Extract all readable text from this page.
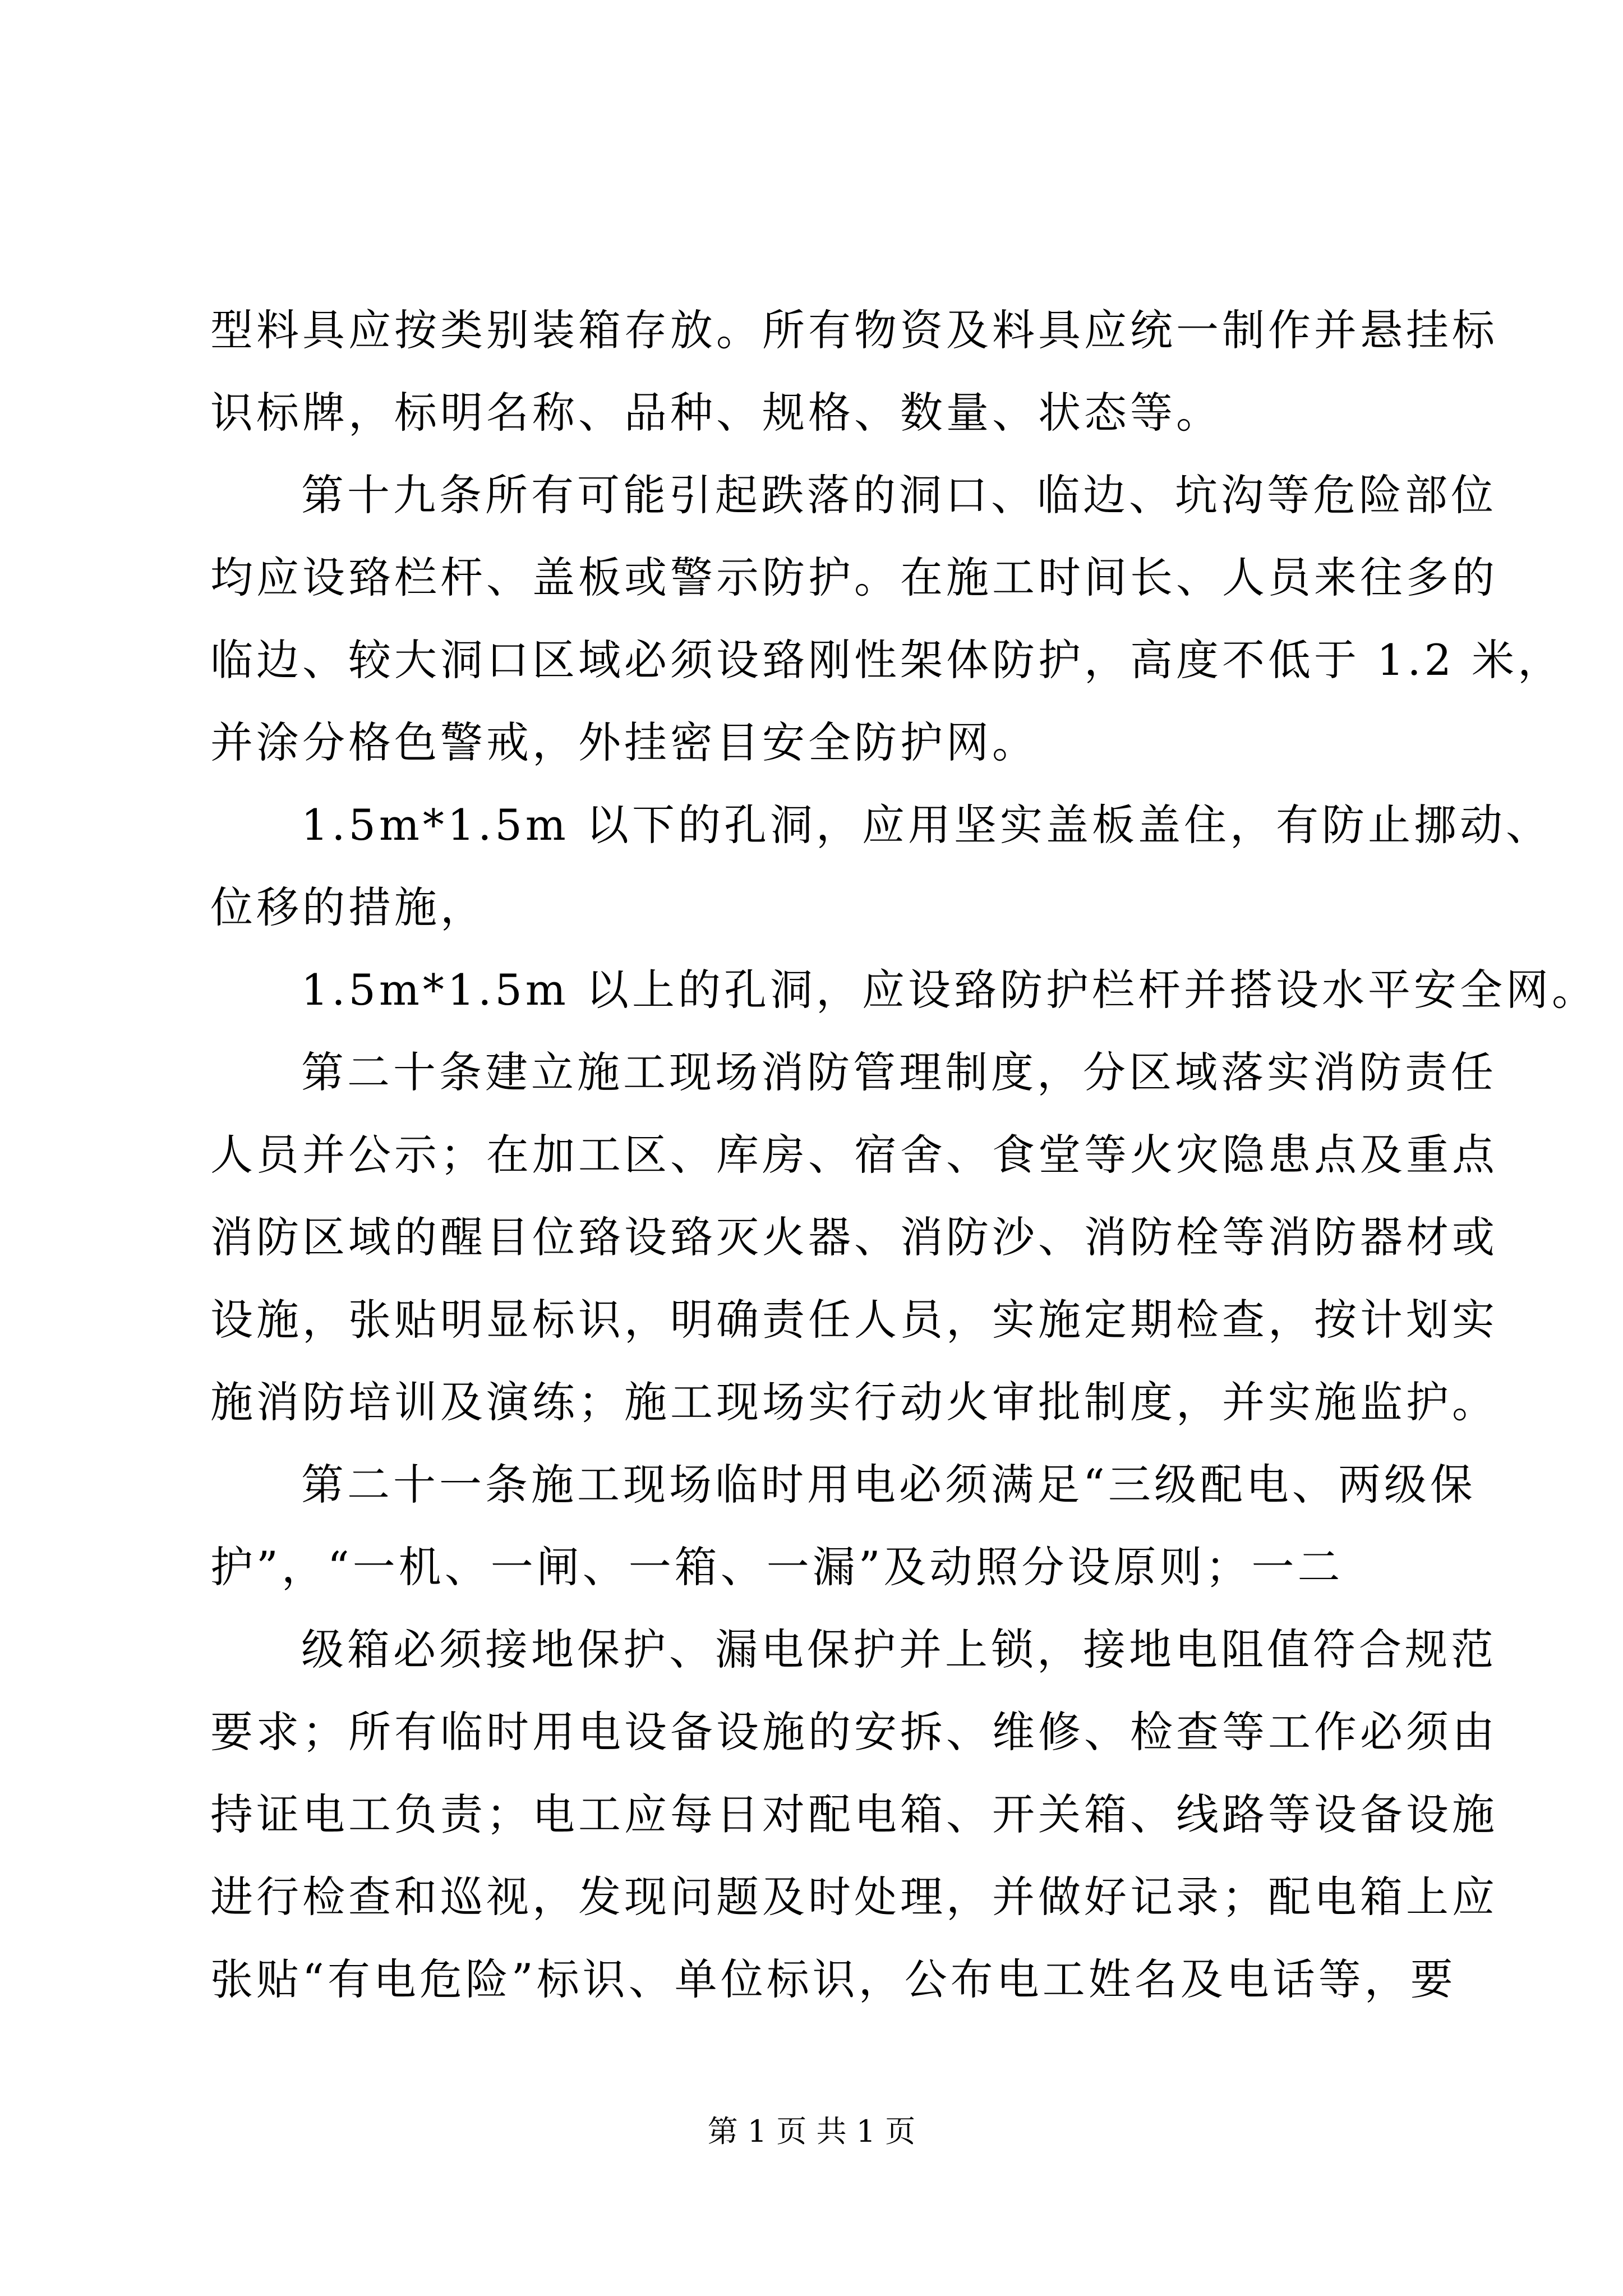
型料具应按类别装箱存放。所有物资及料具应统一制作并悬挂标
识标牌，标明名称、品种、规格、数量、状态等。
第十九条所有可能引起跌落的洞口、临边、坑沟等危险部位
均应设臵栏杆、盖板或警示防护。在施工时间长、人员来往多的
临边、较大洞口区域必须设臵刚性架体防护，高度不低于 1.2 米，
并涂分格色警戒，外挂密目安全防护网。
1.5m*1.5m 以下的孔洞，应用坚实盖板盖住，有防止挪动、
位移的措施，
1.5m*1.5m 以上的孔洞，应设臵防护栏杆并搭设水平安全网。
第二十条建立施工现场消防管理制度，分区域落实消防责任
人员并公示；在加工区、库房、宿舍、食堂等火灾隐患点及重点
消防区域的醒目位臵设臵灭火器、消防沙、消防栓等消防器材或
设施，张贴明显标识，明确责任人员，实施定期检查，按计划实
施消防培训及演练；施工现场实行动火审批制度，并实施监护。
第二十一条施工现场临时用电必须满足“三级配电、两级保
护”，“一机、一闸、一箱、一漏”及动照分设原则；一二
级箱必须接地保护、漏电保护并上锁，接地电阻值符合规范
要求；所有临时用电设备设施的安拆、维修、检查等工作必须由
持证电工负责；电工应每日对配电箱、开关箱、线路等设备设施
进行检查和巡视，发现问题及时处理，并做好记录；配电箱上应
张贴“有电危险”标识、单位标识，公布电工姓名及电话等，要
第 1 页 共 1 页
